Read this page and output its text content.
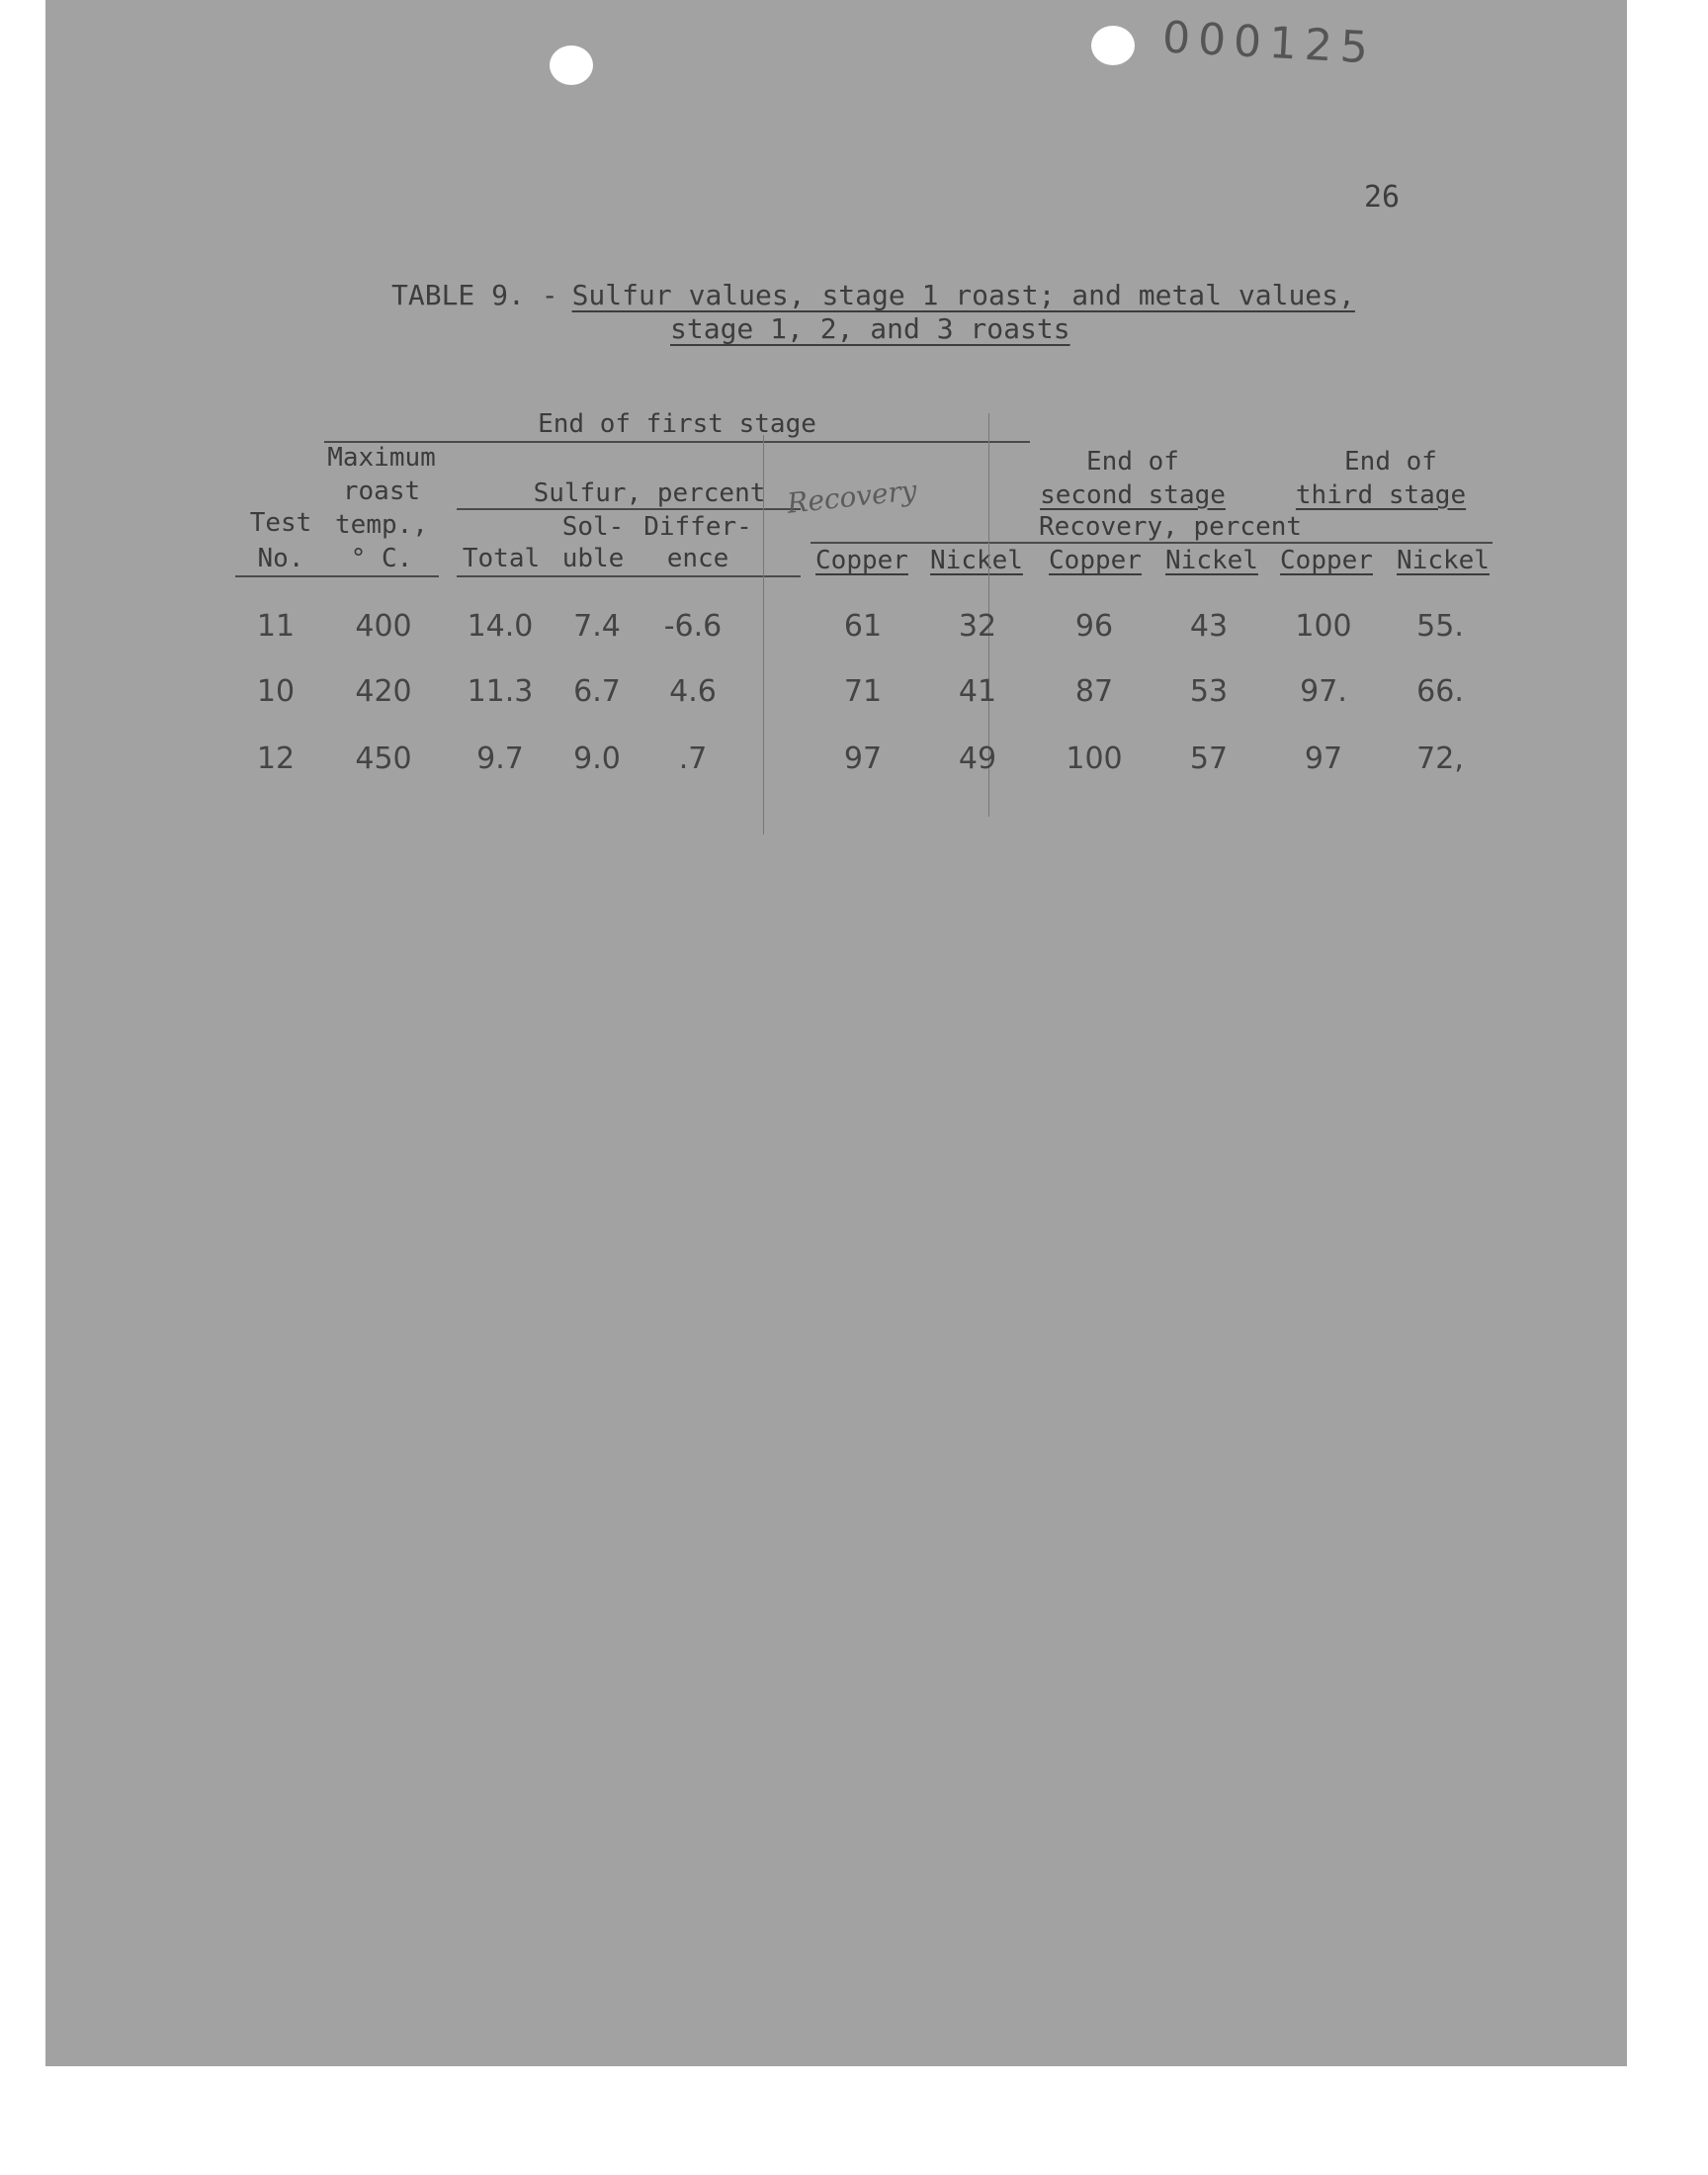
000125
26
TABLE 9. - Sulfur values, stage 1 roast; and metal values,
stage 1, 2, and 3 roasts
End of first stage
Maximum
roast
temp.,
° C.
Test
No.
Sulfur, percent
Total
Sol-
uble
Differ-
ence
Recovery
End of
second stage
End of
third stage
Recovery, percent
Copper Nickel	Copper Nickel Copper Nickel
11	400	14.0	7.4	-6.6	61	32	96	43	100	55.
10	420	11.3	6.7	4.6	71	41	87	53	97.	66.
12	450	9.7	9.0	.7	97	49	100	57	97	72,
